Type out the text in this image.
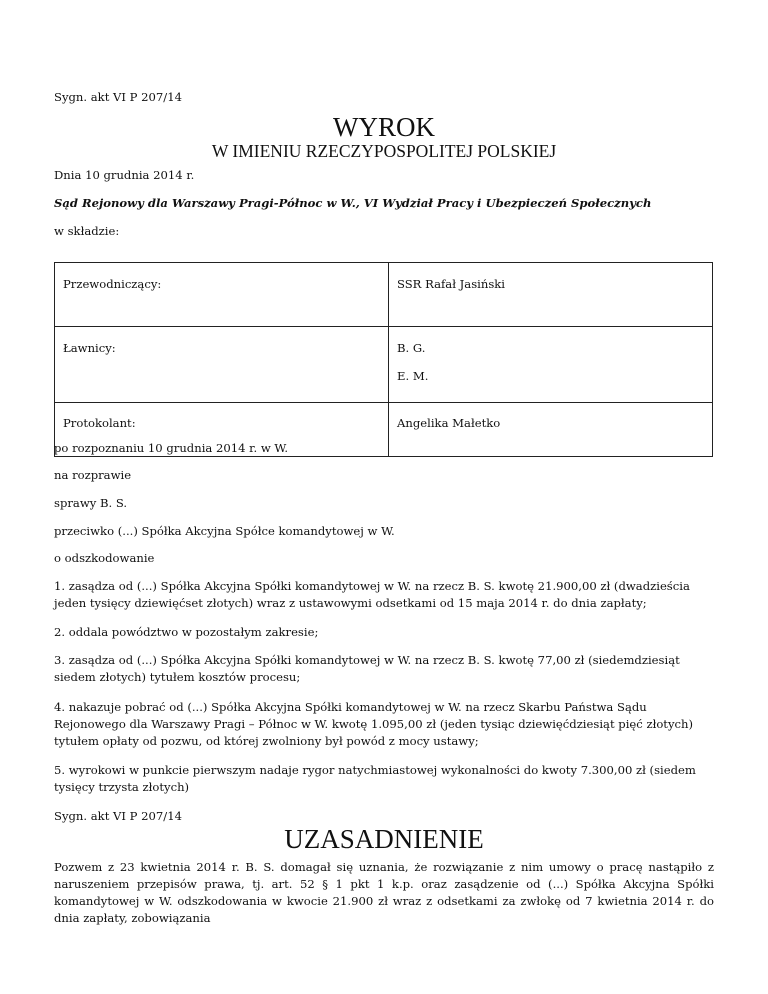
Sygn. akt VI P 207/14
WYROK
W IMIENIU RZECZYPOSPOLITEJ POLSKIEJ
Dnia 10 grudnia 2014 r.
Sąd Rejonowy dla Warszawy Pragi-Północ w W., VI Wydział Pracy i Ubezpieczeń Społecznych
w składzie:
Przewodniczący:	SSR Rafał Jasiński
Ławnicy:	B. G.
E. M.

Protokolant:	Angelika Małetko
po rozpoznaniu 10 grudnia 2014 r. w W.
na rozprawie
sprawy B. S.
przeciwko (...) Spółka Akcyjna Spółce komandytowej w W.
o odszkodowanie

1. zasądza od (...) Spółka Akcyjna Spółki komandytowej w W. na rzecz B. S. kwotę 21.900,00 zł (dwadzieścia jeden tysięcy dziewięćset złotych) wraz z ustawowymi odsetkami od 15 maja 2014 r. do dnia zapłaty;

2. oddala powództwo w pozostałym zakresie;

3. zasądza od (...) Spółka Akcyjna Spółki komandytowej w W. na rzecz B. S. kwotę 77,00 zł (siedemdziesiąt siedem złotych) tytułem kosztów procesu;

4. nakazuje pobrać od (...) Spółka Akcyjna Spółki komandytowej w W. na rzecz Skarbu Państwa Sądu Rejonowego dla Warszawy Pragi – Północ w W. kwotę 1.095,00 zł (jeden tysiąc dziewięćdziesiąt pięć złotych) tytułem opłaty od pozwu, od której zwolniony był powód z mocy ustawy;

5. wyrokowi w punkcie pierwszym nadaje rygor natychmiastowej wykonalności do kwoty 7.300,00 zł (siedem tysięcy trzysta złotych)

Sygn. akt VI P 207/14
UZASADNIENIE

Pozwem z 23 kwietnia 2014 r. B. S. domagał się uznania, że rozwiązanie z nim umowy o pracę nastąpiło z naruszeniem przepisów prawa, tj. art. 52 § 1 pkt 1 k.p. oraz zasądzenie od (...) Spółka Akcyjna Spółki komandytowej w W. odszkodowania w kwocie 21.900 zł wraz z odsetkami za zwłokę od 7 kwietnia 2014 r. do dnia zapłaty, zobowiązania
